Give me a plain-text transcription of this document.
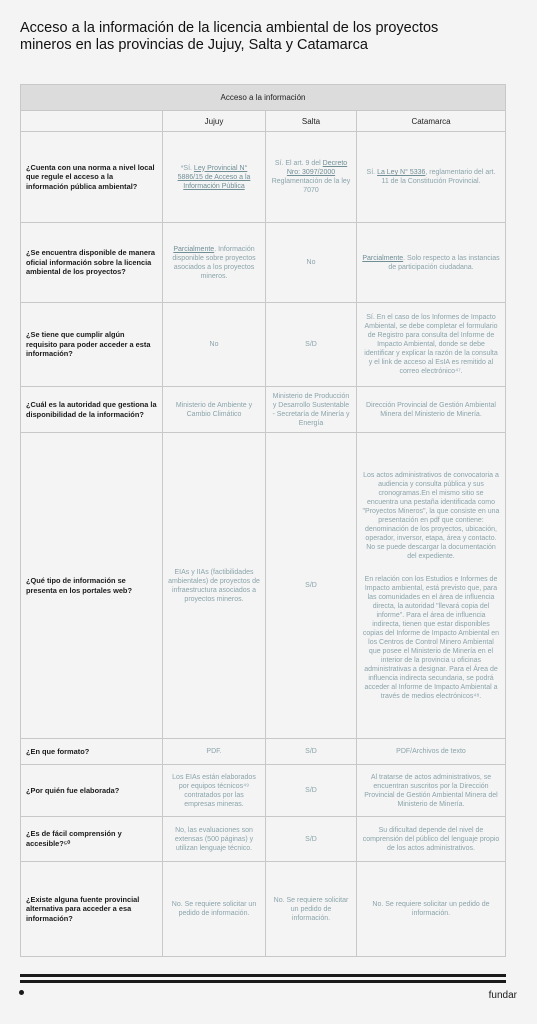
Acceso a la información de la licencia ambiental de los proyectos mineros en las provincias de Jujuy, Salta y Catamarca
Acceso a la información			
	Jujuy	Salta	Catamarca
¿Cuenta con una norma a nivel local que regule el acceso a la información pública ambiental?	*Sí. Ley Provincial N° 5886/15 de Acceso a la Información Pública	Sí. El art. 9 del Decreto Nro: 3097/2000 Reglamentación de la ley 7070	Sí. La Ley N° 5336, reglamentario del art. 11 de la Constitución Provincial.
¿Se encuentra disponible de manera oficial información sobre la licencia ambiental de los proyectos?	Parcialmente. Información disponible sobre proyectos asociados a los proyectos mineros.	No	Parcialmente. Solo respecto a las instancias de participación ciudadana.
¿Se tiene que cumplir algún requisito para poder acceder a esta información?	No	S/D	Sí. En el caso de los Informes de Impacto Ambiental, se debe completar el formulario de Registro para consulta del Informe de Impacto Ambiental, donde se debe identificar y explicar la razón de la consulta y el link de acceso al EsIA es remitido al correo electrónico⁴⁷.
¿Cuál es la autoridad que gestiona la disponibilidad de la información?	Ministerio de Ambiente y Cambio Climático	Ministerio de Producción y Desarrollo Sustentable - Secretaría de Minería y Energía	Dirección Provincial de Gestión Ambiental Minera del Ministerio de Minería.
¿Qué tipo de información se presenta en los portales web?	EIAs y IIAs (factibilidades ambientales) de proyectos de infraestructura asociados a proyectos mineros.	S/D	Los actos administrativos de convocatoria a audiencia y consulta pública y sus cronogramas.En el mismo sitio se encuentra una pestaña identificada como "Proyectos Mineros", la que consiste en una presentación en pdf que contiene: denominación de los proyectos, ubicación, operador, inversor, etapa, área y contacto. No se puede descargar la documentación del expediente.
En relación con los Estudios e Informes de Impacto ambiental, está previsto que, para las comunidades en el área de influencia directa, la autoridad "llevará copia del informe". Para el área de influencia indirecta, tienen que estar disponibles copias del Informe de Impacto Ambiental en los Centros de Control Minero Ambiental que posee el Ministerio de Minería en el interior de la provincia u oficinas administrativas a designar. Para el Área de influencia indirecta secundaria, se podrá acceder al Informe de Impacto Ambiental a través de medios electrónicos⁴⁸.
¿En que formato?	PDF.	S/D	PDF/Archivos de texto
¿Por quién fue elaborada?	Los EIAs están elaborados por equipos técnicos⁴⁹ contratados por las empresas mineras.	S/D	Al tratarse de actos administrativos, se encuentran suscritos por la Dirección Provincial de Gestión Ambiental Minera del Ministerio de Minería.
¿Es de fácil comprensión y accesible?⁵⁰	No, las evaluaciones son extensas (500 páginas) y utilizan lenguaje técnico.	S/D	Su dificultad depende del nivel de comprensión del público del lenguaje propio de los actos administrativos.
¿Existe alguna fuente provincial alternativa para acceder a esa información?	No. Se requiere solicitar un pedido de información.	No. Se requiere solicitar un pedido de información.	No. Se requiere solicitar un pedido de información.
fundar
